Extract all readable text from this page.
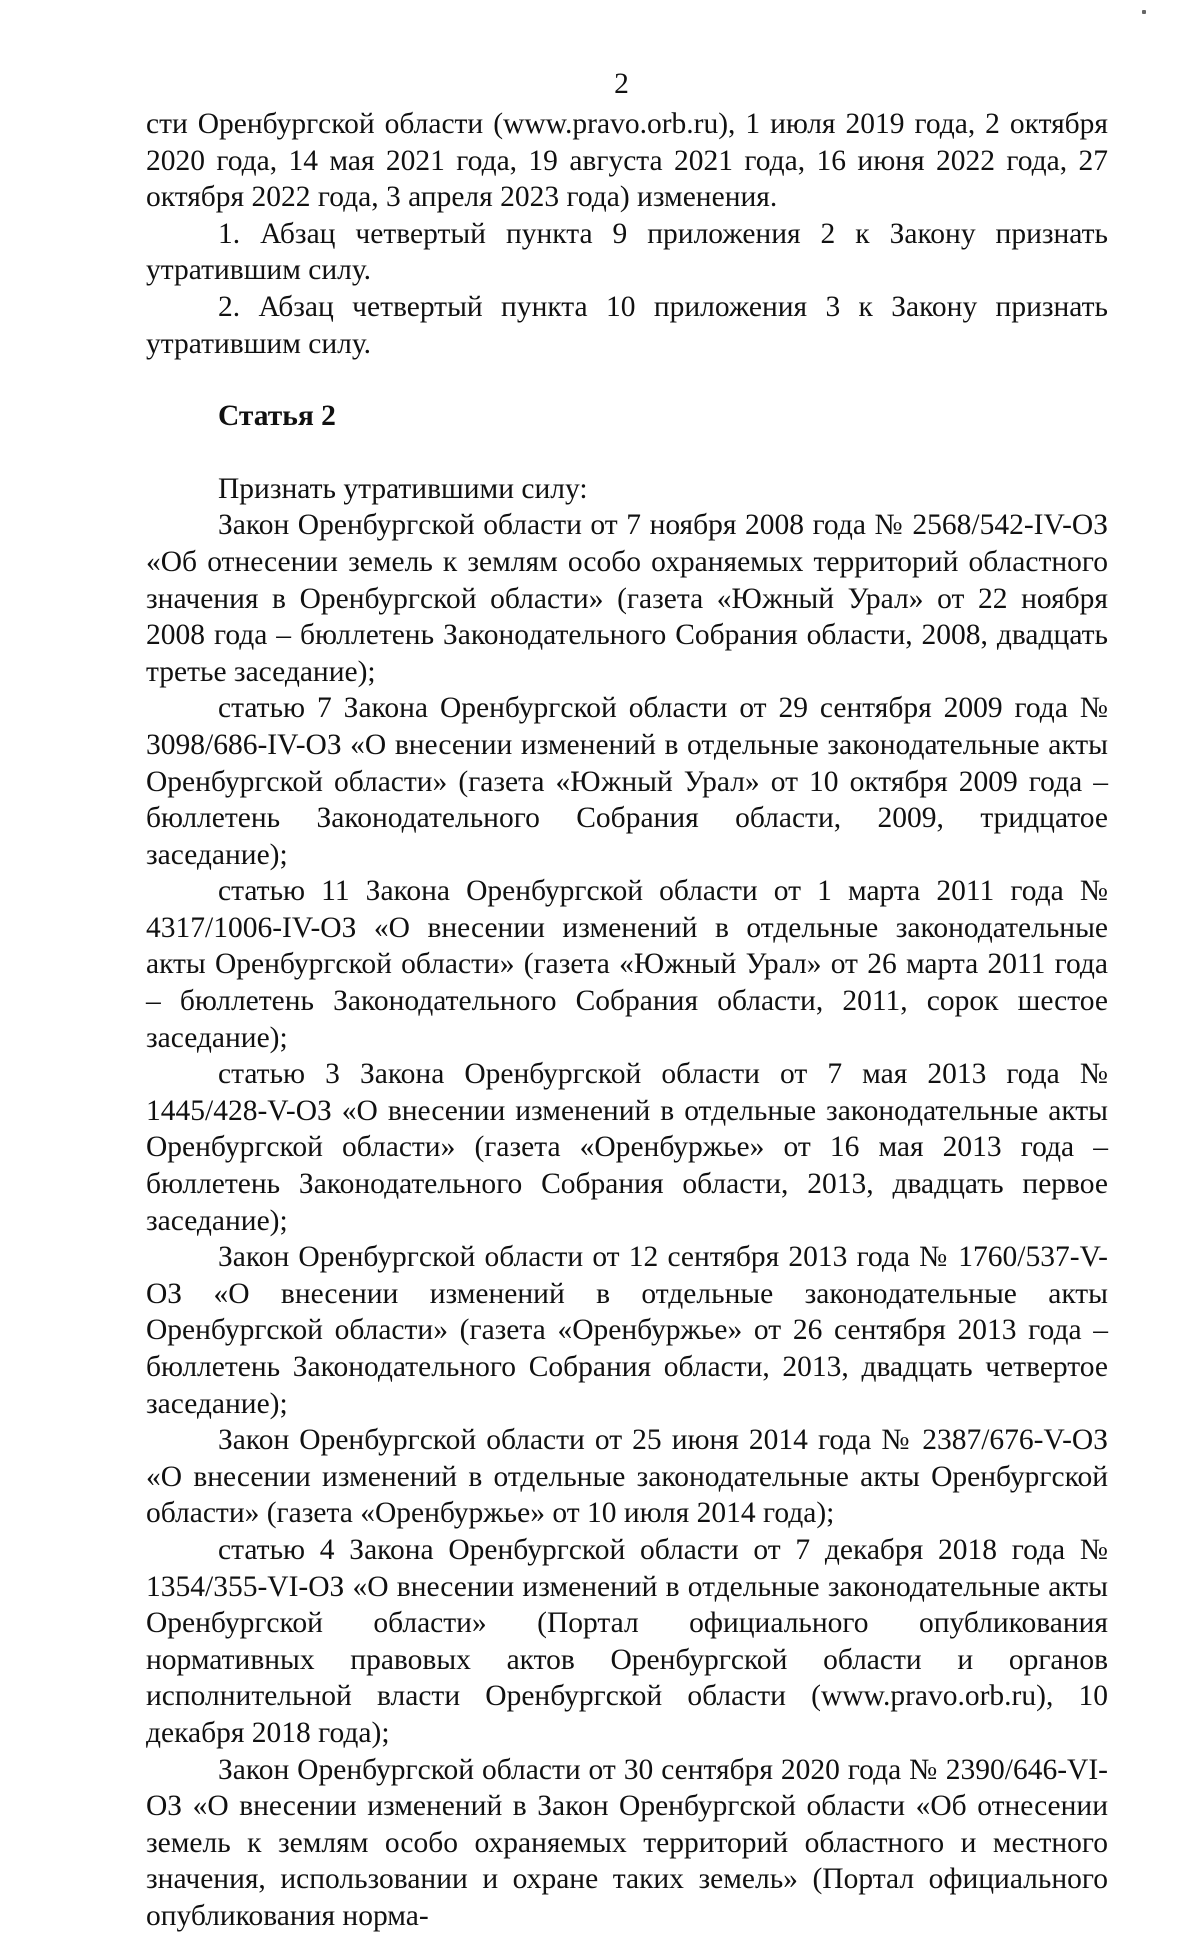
2

сти Оренбургской области (www.pravo.orb.ru), 1 июля 2019 года, 2 октября 2020 года, 14 мая 2021 года, 19 августа 2021 года, 16 июня 2022 года, 27 октября 2022 года, 3 апреля 2023 года) изменения.

1. Абзац четвертый пункта 9 приложения 2 к Закону признать утратившим силу.

2. Абзац четвертый пункта 10 приложения 3 к Закону признать утратившим силу.

Статья 2

Признать утратившими силу:

Закон Оренбургской области от 7 ноября 2008 года № 2568/542-IV-ОЗ «Об отнесении земель к землям особо охраняемых территорий областного значения в Оренбургской области» (газета «Южный Урал» от 22 ноября 2008 года – бюллетень Законодательного Собрания области, 2008, двадцать третье заседание);

статью 7 Закона Оренбургской области от 29 сентября 2009 года № 3098/686-IV-ОЗ «О внесении изменений в отдельные законодательные акты Оренбургской области» (газета «Южный Урал» от 10 октября 2009 года – бюллетень Законодательного Собрания области, 2009, тридцатое заседание);

статью 11 Закона Оренбургской области от 1 марта 2011 года № 4317/1006-IV-ОЗ «О внесении изменений в отдельные законодательные акты Оренбургской области» (газета «Южный Урал» от 26 марта 2011 года – бюллетень Законодательного Собрания области, 2011, сорок шестое заседание);

статью 3 Закона Оренбургской области от 7 мая 2013 года № 1445/428-V-ОЗ «О внесении изменений в отдельные законодательные акты Оренбургской области» (газета «Оренбуржье» от 16 мая 2013 года – бюллетень Законодательного Собрания области, 2013, двадцать первое заседание);

Закон Оренбургской области от 12 сентября 2013 года № 1760/537-V-ОЗ «О внесении изменений в отдельные законодательные акты Оренбургской области» (газета «Оренбуржье» от 26 сентября 2013 года – бюллетень Законодательного Собрания области, 2013, двадцать четвертое заседание);

Закон Оренбургской области от 25 июня 2014 года № 2387/676-V-ОЗ «О внесении изменений в отдельные законодательные акты Оренбургской области» (газета «Оренбуржье» от 10 июля 2014 года);

статью 4 Закона Оренбургской области от 7 декабря 2018 года № 1354/355-VI-ОЗ «О внесении изменений в отдельные законодательные акты Оренбургской области» (Портал официального опубликования нормативных правовых актов Оренбургской области и органов исполнительной власти Оренбургской области (www.pravo.orb.ru), 10 декабря 2018 года);

Закон Оренбургской области от 30 сентября 2020 года № 2390/646-VI-ОЗ «О внесении изменений в Закон Оренбургской области «Об отнесении земель к землям особо охраняемых территорий областного и местного значения, использовании и охране таких земель» (Портал официального опубликования норма-
